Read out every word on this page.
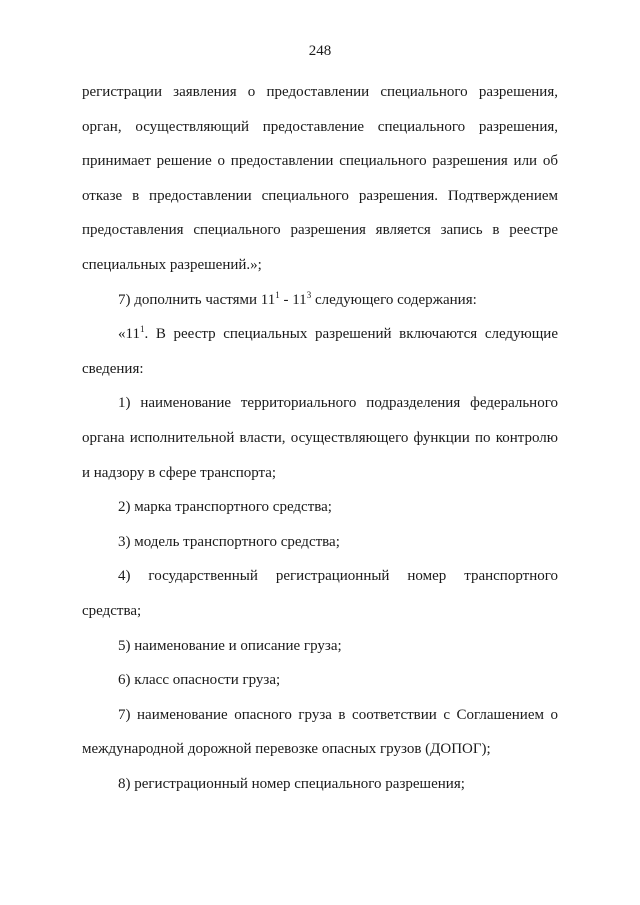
248

регистрации заявления о предоставлении специального разрешения, орган, осуществляющий предоставление специального разрешения, принимает решение о предоставлении специального разрешения или об отказе в предоставлении специального разрешения. Подтверждением предоставления специального разрешения является запись в реестре специальных разрешений.»;

7) дополнить частями $11^1 - 11^3$ следующего содержания:

«$11^1$. В реестр специальных разрешений включаются следующие сведения:

1) наименование территориального подразделения федерального органа исполнительной власти, осуществляющего функции по контролю и надзору в сфере транспорта;

2) марка транспортного средства;

3) модель транспортного средства;

4) государственный регистрационный номер транспортного средства;

5) наименование и описание груза;

6) класс опасности груза;

7) наименование опасного груза в соответствии с Соглашением о международной дорожной перевозке опасных грузов (ДОПОГ);

8) регистрационный номер специального разрешения;
